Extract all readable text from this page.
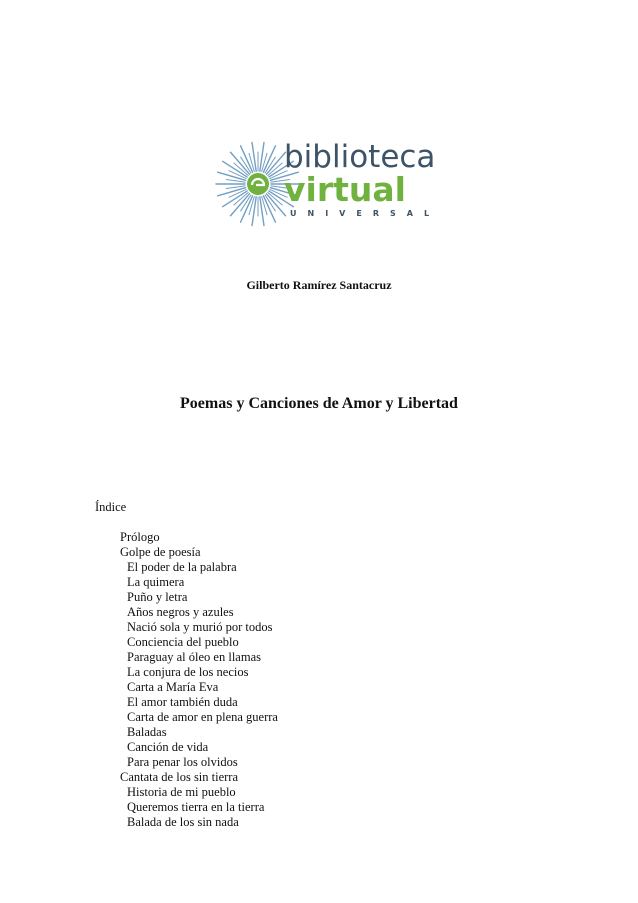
biblioteca
virtual
UNIVERSAL
Gilberto Ramírez Santacruz
Poemas y Canciones de Amor y Libertad
Índice
Prólogo
Golpe de poesía
El poder de la palabra
La quimera
Puño y letra
Años negros y azules
Nació sola y murió por todos
Conciencia del pueblo
Paraguay al óleo en llamas
La conjura de los necios
Carta a María Eva
El amor también duda
Carta de amor en plena guerra
Baladas
Canción de vida
Para penar los olvidos
Cantata de los sin tierra
Historia de mi pueblo
Queremos tierra en la tierra
Balada de los sin nada
